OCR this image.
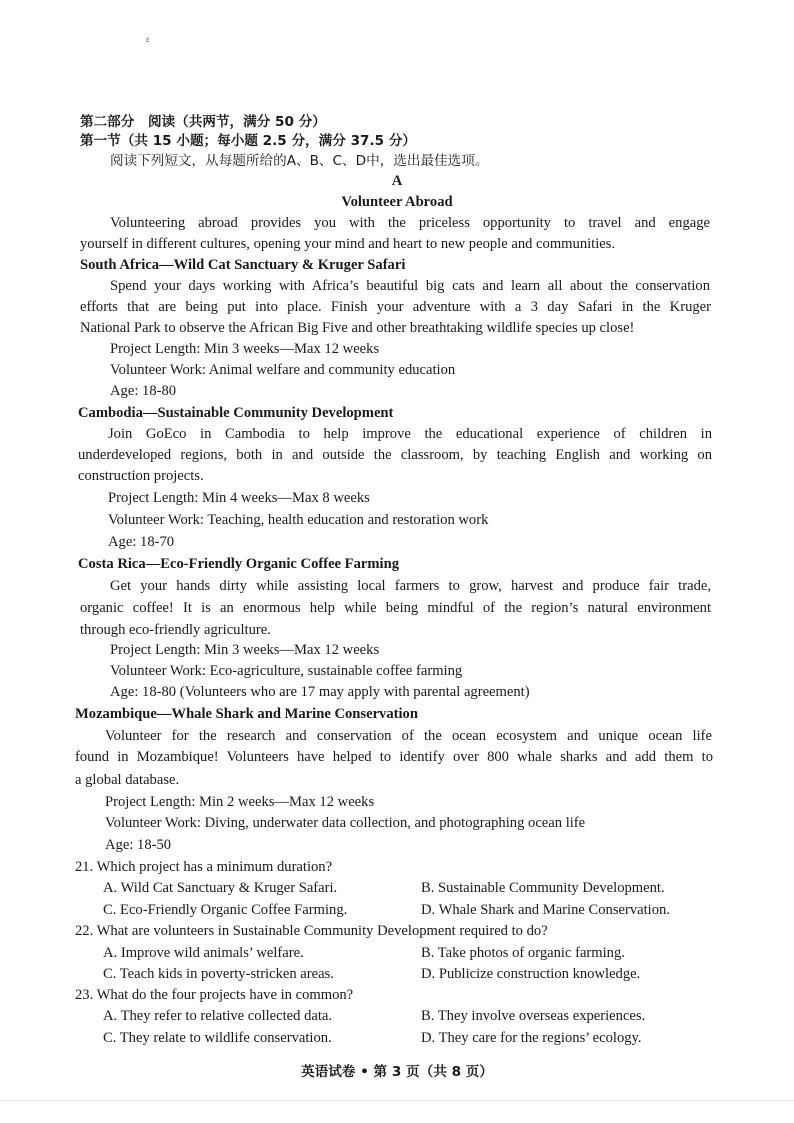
ε
第二部分　阅读（共两节，满分 50 分）
第一节（共 15 小题；每小题 2.5 分，满分 37.5 分）
阅读下列短文，从每题所给的A、B、C、D中，选出最佳选项。
A
Volunteer Abroad
Volunteering abroad provides you with the priceless opportunity to travel and engage
yourself in different cultures, opening your mind and heart to new people and communities.
South Africa—Wild Cat Sanctuary & Kruger Safari
Spend your days working with Africa’s beautiful big cats and learn all about the conservation
efforts that are being put into place. Finish your adventure with a 3 day Safari in the Kruger
National Park to observe the African Big Five and other breathtaking wildlife species up close!
Project Length: Min 3 weeks—Max 12 weeks
Volunteer Work: Animal welfare and community education
Age: 18-80
Cambodia—Sustainable Community Development
Join GoEco in Cambodia to help improve the educational experience of children in
underdeveloped regions, both in and outside the classroom, by teaching English and working on
construction projects.
Project Length: Min 4 weeks—Max 8 weeks
Volunteer Work: Teaching, health education and restoration work
Age: 18-70
Costa Rica—Eco-Friendly Organic Coffee Farming
Get your hands dirty while assisting local farmers to grow, harvest and produce fair trade,
organic coffee! It is an enormous help while being mindful of the region’s natural environment
through eco-friendly agriculture.
Project Length: Min 3 weeks—Max 12 weeks
Volunteer Work: Eco-agriculture, sustainable coffee farming
Age: 18-80 (Volunteers who are 17 may apply with parental agreement)
Mozambique—Whale Shark and Marine Conservation
Volunteer for the research and conservation of the ocean ecosystem and unique ocean life
found in Mozambique! Volunteers have helped to identify over 800 whale sharks and add them to
a global database.
Project Length: Min 2 weeks—Max 12 weeks
Volunteer Work: Diving, underwater data collection, and photographing ocean life
Age: 18-50
21. Which project has a minimum duration?
A. Wild Cat Sanctuary & Kruger Safari.	B. Sustainable Community Development.
C. Eco-Friendly Organic Coffee Farming.	D. Whale Shark and Marine Conservation.
22. What are volunteers in Sustainable Community Development required to do?
A. Improve wild animals’ welfare.	B. Take photos of organic farming.
C. Teach kids in poverty-stricken areas.	D. Publicize construction knowledge.
23. What do the four projects have in common?
A. They refer to relative collected data.	B. They involve overseas experiences.
C. They relate to wildlife conservation.	D. They care for the regions’ ecology.
英语试卷 • 第 3 页（共 8 页）
